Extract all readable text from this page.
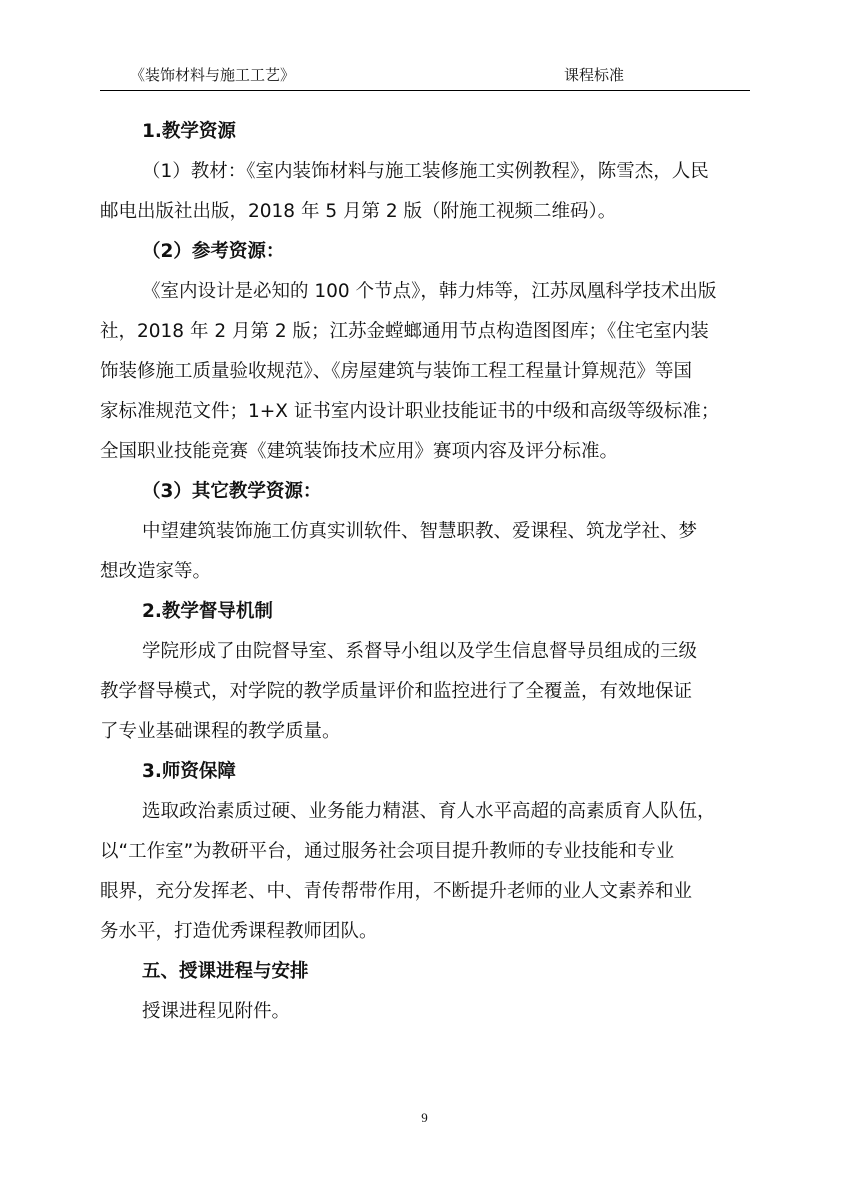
《装饰材料与施工工艺》	课程标准
1.教学资源
（1）教材：《室内装饰材料与施工装修施工实例教程》，陈雪杰，人民
邮电出版社出版，2018 年 5 月第 2 版（附施工视频二维码）。
（2）参考资源：
《室内设计是必知的 100 个节点》，韩力炜等，江苏凤凰科学技术出版
社，2018 年 2 月第 2 版；江苏金螳螂通用节点构造图图库；《住宅室内装
饰装修施工质量验收规范》、《房屋建筑与装饰工程工程量计算规范》等国
家标准规范文件；1+X 证书室内设计职业技能证书的中级和高级等级标准；
全国职业技能竞赛《建筑装饰技术应用》赛项内容及评分标准。
（3）其它教学资源：
中望建筑装饰施工仿真实训软件、智慧职教、爱课程、筑龙学社、梦
想改造家等。
2.教学督导机制
学院形成了由院督导室、系督导小组以及学生信息督导员组成的三级
教学督导模式，对学院的教学质量评价和监控进行了全覆盖，有效地保证
了专业基础课程的教学质量。
3.师资保障
选取政治素质过硬、业务能力精湛、育人水平高超的高素质育人队伍，
以“工作室”为教研平台，通过服务社会项目提升教师的专业技能和专业
眼界，充分发挥老、中、青传帮带作用，不断提升老师的业人文素养和业
务水平，打造优秀课程教师团队。
五、授课进程与安排
授课进程见附件。
9
